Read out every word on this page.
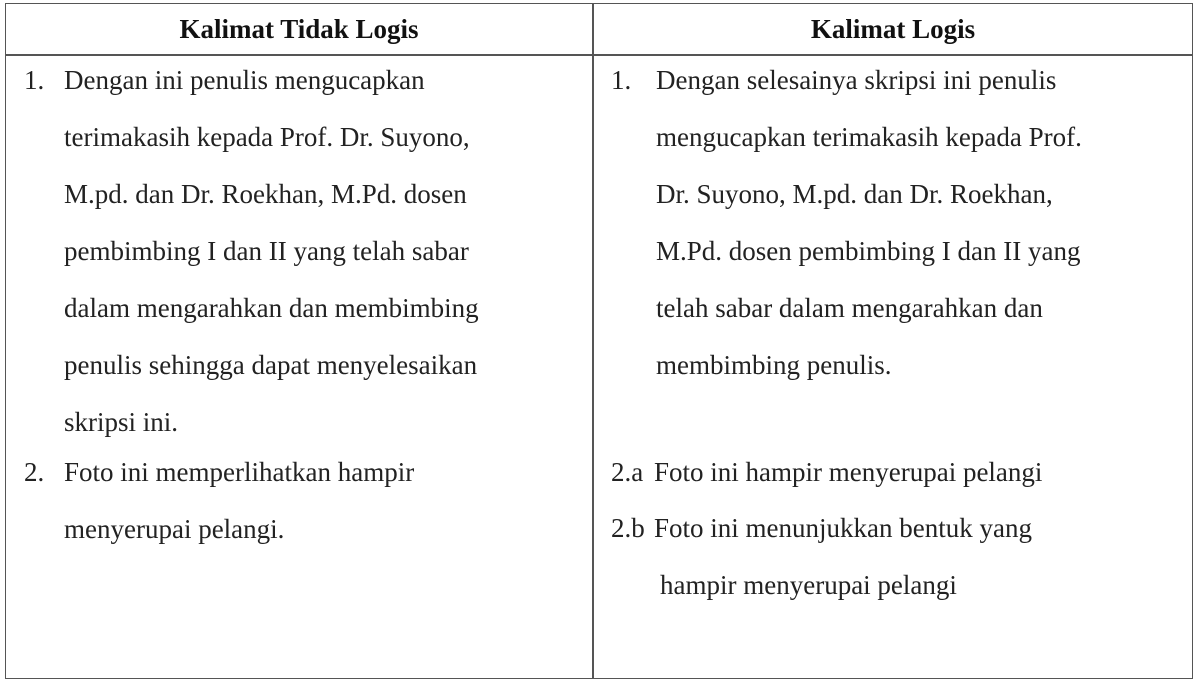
Kalimat Tidak Logis	Kalimat Logis
1. Dengan ini penulis mengucapkan
terimakasih kepada Prof. Dr. Suyono,
M.pd. dan Dr. Roekhan, M.Pd. dosen
pembimbing I dan II yang telah sabar
dalam mengarahkan dan membimbing
penulis sehingga dapat menyelesaikan
skripsi ini.
2. Foto ini memperlihatkan hampir
menyerupai pelangi.
1. Dengan selesainya skripsi ini penulis
mengucapkan terimakasih kepada Prof.
Dr. Suyono, M.pd. dan Dr. Roekhan,
M.Pd. dosen pembimbing I dan II yang
telah sabar dalam mengarahkan dan
membimbing penulis.
2.a Foto ini hampir menyerupai pelangi
2.b Foto ini menunjukkan bentuk yang
hampir menyerupai pelangi
